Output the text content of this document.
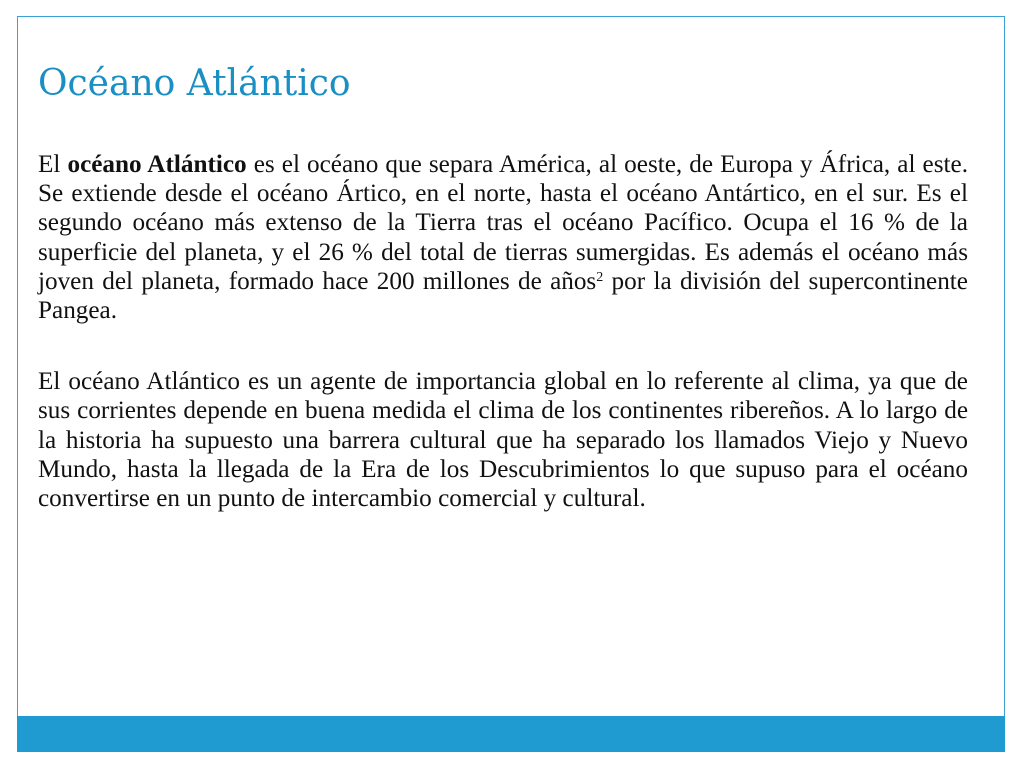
Océano Atlántico

El océano Atlántico es el océano que separa América, al oeste, de Europa y África, al este. Se extiende desde el océano Ártico, en el norte, hasta el océano Antártico, en el sur. Es el segundo océano más extenso de la Tierra tras el océano Pacífico. Ocupa el 16 % de la superficie del planeta, y el 26 % del total de tierras sumergidas. Es además el océano más joven del planeta, formado hace 200 millones de años$^2$ por la división del supercontinente Pangea.

El océano Atlántico es un agente de importancia global en lo referente al clima, ya que de sus corrientes depende en buena medida el clima de los continentes ribereños. A lo largo de la historia ha supuesto una barrera cultural que ha separado los llamados Viejo y Nuevo Mundo, hasta la llegada de la Era de los Descubrimientos lo que supuso para el océano convertirse en un punto de intercambio comercial y cultural.
